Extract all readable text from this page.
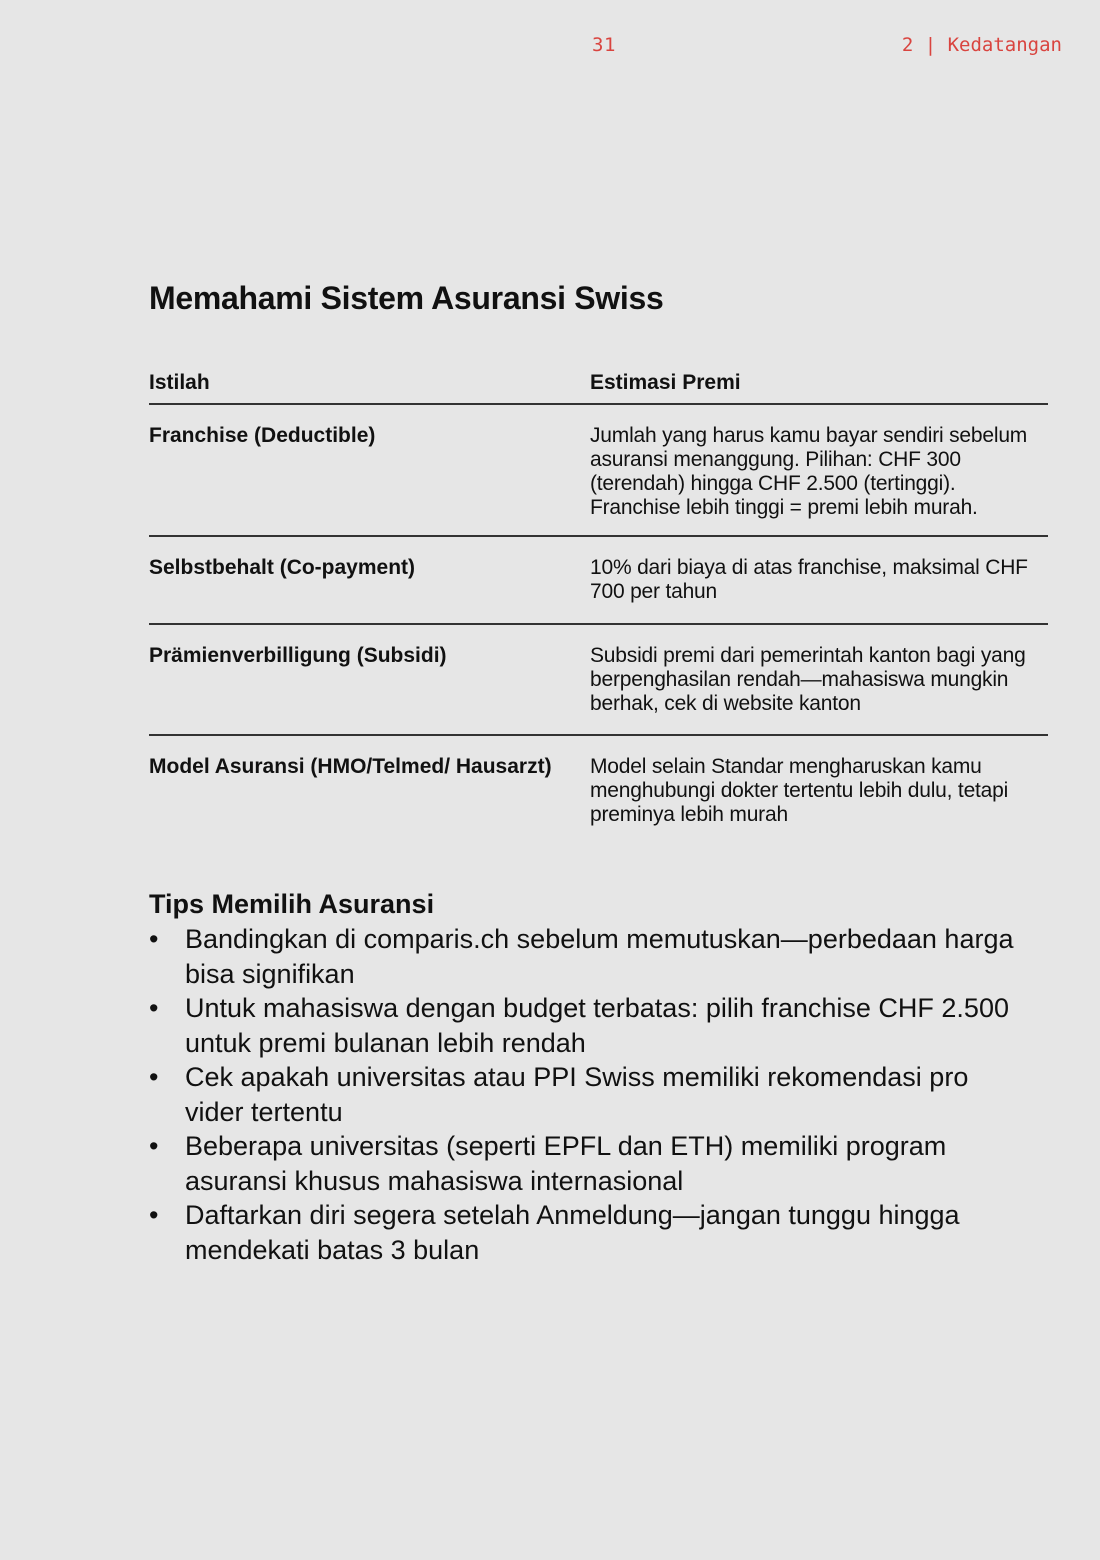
31	2 | Kedatangan
Memahami Sistem Asuransi Swiss
Istilah	Estimasi Premi
Franchise (Deductible)	Jumlah yang harus kamu bayar sendiri sebelum asuransi menanggung. Pilihan: CHF 300 (terendah) hingga CHF 2.500 (tertinggi). Franchise lebih tinggi = premi lebih murah.
Selbstbehalt (Co-payment)	10% dari biaya di atas franchise, maksimal CHF 700 per tahun
Prämienverbilligung (Subsidi)	Subsidi premi dari pemerintah kanton bagi yang berpenghasilan rendah—mahasiswa mungkin berhak, cek di website kanton
Model Asuransi (HMO/Telmed/ Hausarzt)	Model selain Standar mengharuskan kamu menghubungi dokter tertentu lebih dulu, tetapi preminya lebih murah
Tips Memilih Asuransi
• Bandingkan di comparis.ch sebelum memutuskan—perbedaan harga bisa signifikan
• Untuk mahasiswa dengan budget terbatas: pilih franchise CHF 2.500 untuk premi bulanan lebih rendah
• Cek apakah universitas atau PPI Swiss memiliki rekomendasi pro vider tertentu
• Beberapa universitas (seperti EPFL dan ETH) memiliki program asuransi khusus mahasiswa internasional
• Daftarkan diri segera setelah Anmeldung—jangan tunggu hingga mendekati batas 3 bulan
